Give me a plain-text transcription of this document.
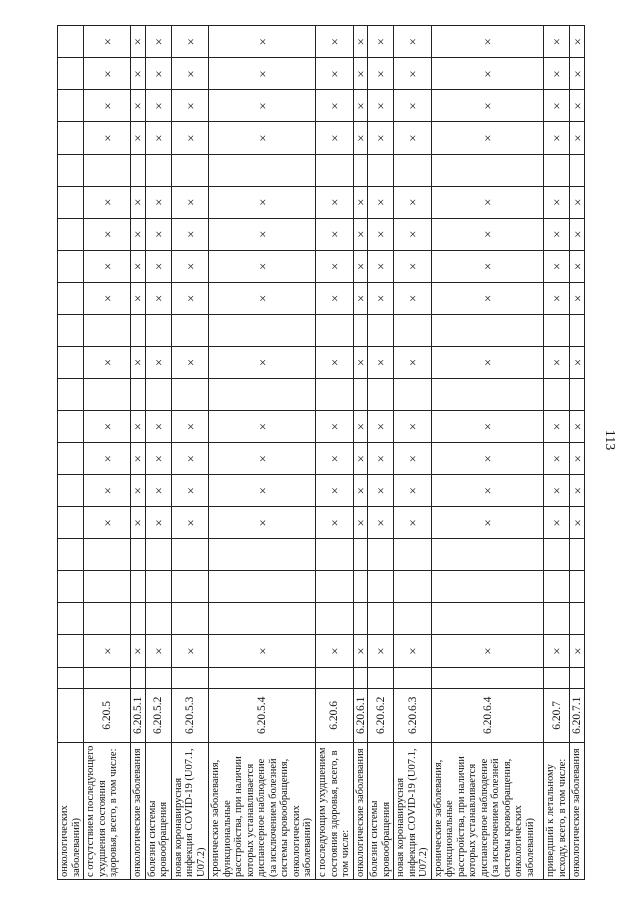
113
онкологических заболеваний)																						
с отсутствием последующего ухудшения состояния здоровья, всего, в том числе:	6.20.5		×				×	×	×	×		×		×	×	×	×		×	×	×	×
онкологические заболевания	6.20.5.1		×				×	×	×	×		×		×	×	×	×		×	×	×	×
болезни системы кровообращения	6.20.5.2		×				×	×	×	×		×		×	×	×	×		×	×	×	×
новая коронавирусная инфекция COVID-19 (U07.1, U07.2)	6.20.5.3		×				×	×	×	×		×		×	×	×	×		×	×	×	×
хронические заболевания, функциональные расстройства, при наличии которых устанавливается диспансерное наблюдение (за исключением болезней системы кровообращения, онкологических заболеваний)	6.20.5.4		×				×	×	×	×		×		×	×	×	×		×	×	×	×
с последующим ухудшением состояния здоровья, всего, в том числе:	6.20.6		×				×	×	×	×		×		×	×	×	×		×	×	×	×
онкологические заболевания	6.20.6.1		×				×	×	×	×		×		×	×	×	×		×	×	×	×
болезни системы кровообращения	6.20.6.2		×				×	×	×	×		×		×	×	×	×		×	×	×	×
новая коронавирусная инфекция COVID-19 (U07.1, U07.2)	6.20.6.3		×				×	×	×	×		×		×	×	×	×		×	×	×	×
хронические заболевания, функциональные расстройства, при наличии которых устанавливается диспансерное наблюдение (за исключением болезней системы кровообращения, онкологических заболеваний)	6.20.6.4		×				×	×	×	×		×		×	×	×	×		×	×	×	×
приведший к летальному исходу, всего, в том числе:	6.20.7		×				×	×	×	×		×		×	×	×	×		×	×	×	×
онкологические заболевания	6.20.7.1		×				×	×	×	×		×		×	×	×	×		×	×	×	×
